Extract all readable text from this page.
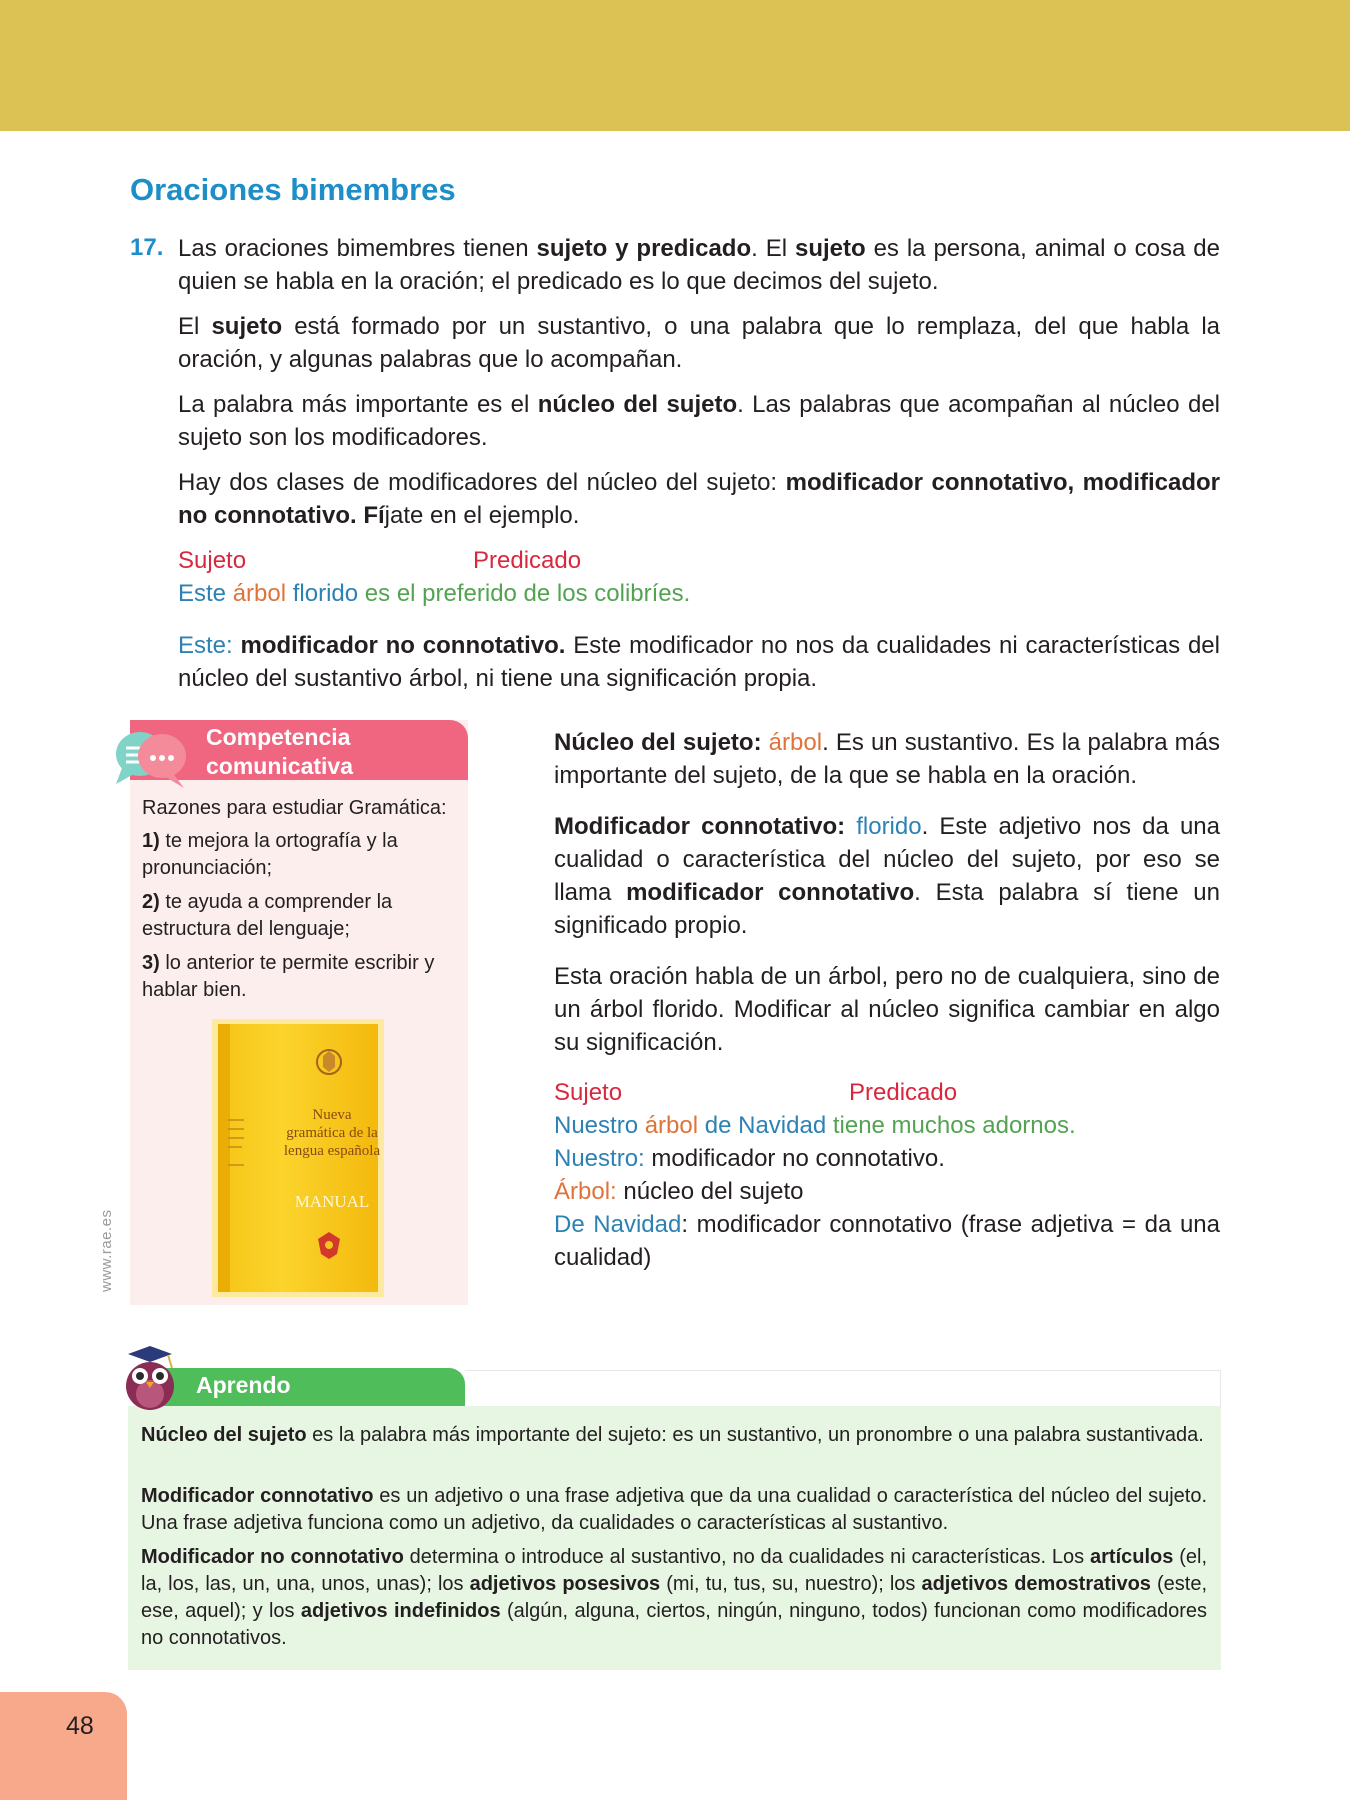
Oraciones bimembres
17. Las oraciones bimembres tienen sujeto y predicado. El sujeto es la persona, animal o cosa de quien se habla en la oración; el predicado es lo que decimos del sujeto.

El sujeto está formado por un sustantivo, o una palabra que lo remplaza, del que habla la oración, y algunas palabras que lo acompañan.

La palabra más importante es el núcleo del sujeto. Las palabras que acompañan al núcleo del sujeto son los modificadores.

Hay dos clases de modificadores del núcleo del sujeto: modificador connotativo, modificador no connotativo. Fíjate en el ejemplo.

Sujeto	Predicado

Este árbol florido es el preferido de los colibríes.

Este: modificador no connotativo. Este modificador no nos da cualidades ni características del núcleo del sustantivo árbol, ni tiene una significación propia.

Competencia
comunicativa
Razones para estudiar Gramática:
1) te mejora la ortografía y la pronunciación;
2) te ayuda a comprender la estructura del lenguaje;
3) lo anterior te permite escribir y hablar bien.
Nueva gramática de la lengua española
MANUAL
www.rae.es

Núcleo del sujeto: árbol. Es un sustantivo. Es la palabra más importante del sujeto, de la que se habla en la oración.

Modificador connotativo: florido. Este adjetivo nos da una cualidad o característica del núcleo del sujeto, por eso se llama modificador connotativo. Esta palabra sí tiene un significado propio.

Esta oración habla de un árbol, pero no de cualquiera, sino de un árbol florido. Modificar al núcleo significa cambiar en algo su significación.

Sujeto	Predicado

Nuestro árbol de Navidad tiene muchos adornos.

Nuestro: modificador no connotativo.

Árbol: núcleo del sujeto

De Navidad: modificador connotativo (frase adjetiva = da una cualidad)

Aprendo

Núcleo del sujeto es la palabra más importante del sujeto: es un sustantivo, un pronombre o una palabra sustantivada.

Modificador connotativo es un adjetivo o una frase adjetiva que da una cualidad o característica del núcleo del sujeto. Una frase adjetiva funciona como un adjetivo, da cualidades o características al sustantivo.

Modificador no connotativo determina o introduce al sustantivo, no da cualidades ni características. Los artículos (el, la, los, las, un, una, unos, unas); los adjetivos posesivos (mi, tu, tus, su, nuestro); los adjetivos demostrativos (este, ese, aquel); y los adjetivos indefinidos (algún, alguna, ciertos, ningún, ninguno, todos) funcionan como modificadores no connotativos.

48
